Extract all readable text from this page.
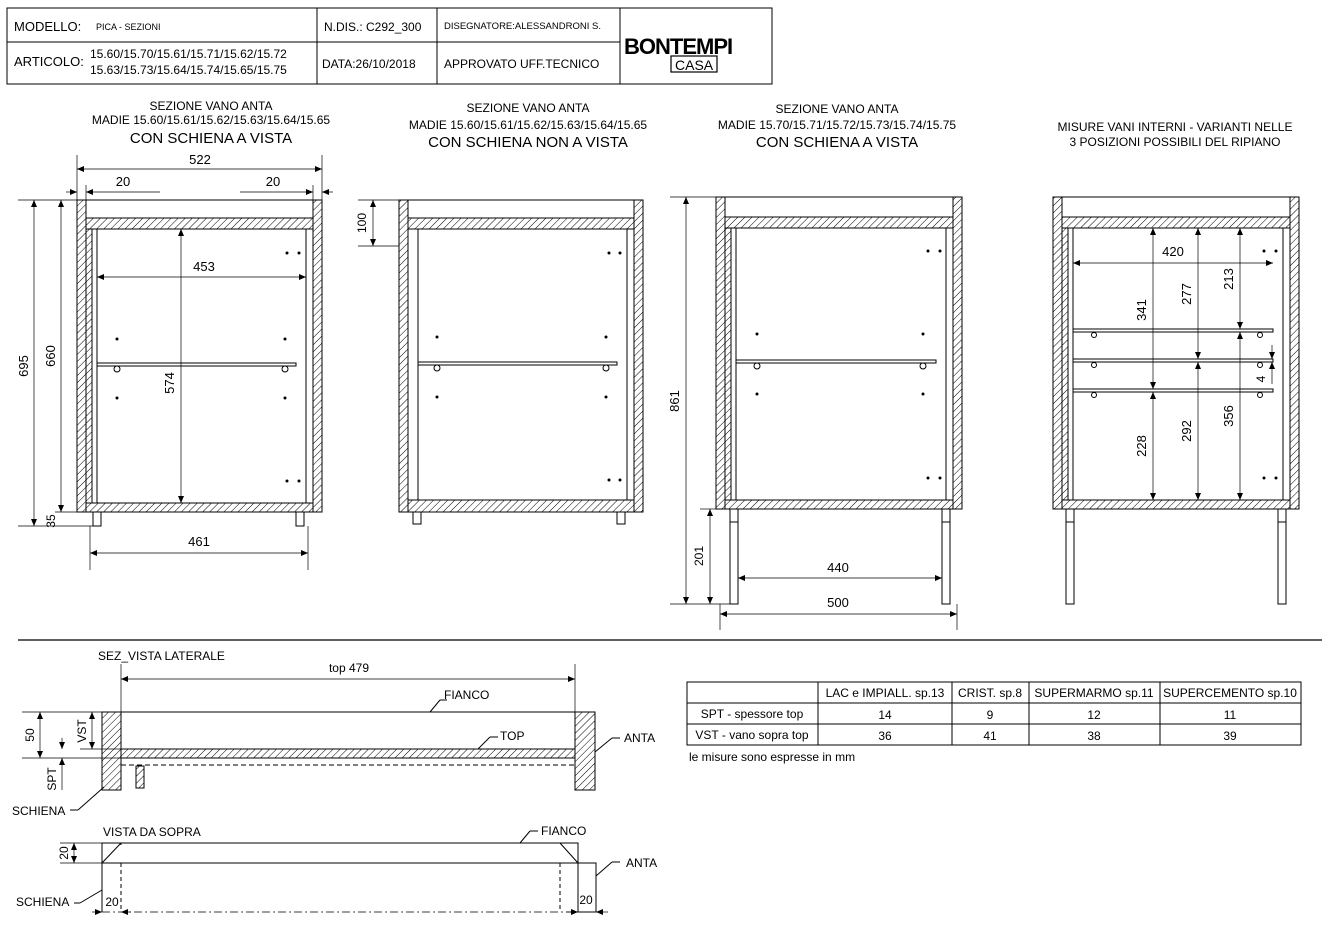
MODELLO: PICA - SEZIONI	N.DIS.: C292_300 DISEGNATORE:ALESSANDRONI S.
ARTICOLO: 15.60/15.70/15.61/15.71/15.62/15.72
15.63/15.73/15.64/15.74/15.65/15.75	DATA:26/10/2018 APPROVATO UFF.TECNICO
BONTEMPI
CASA
SEZIONE VANO ANTA
MADIE 15.60/15.61/15.62/15.63/15.64/15.65
CON SCHIENA A VISTA
SEZIONE VANO ANTA
MADIE 15.60/15.61/15.62/15.63/15.64/15.65
CON SCHIENA NON A VISTA
SEZIONE VANO ANTA
MADIE 15.70/15.71/15.72/15.73/15.74/15.75
CON SCHIENA A VISTA
MISURE VANI INTERNI - VARIANTI NELLE
3 POSIZIONI POSSIBILI DEL RIPIANO
522
20	20
453
574
695 660
35
461
100
861
201
440
500
420
341
277
213
4
228
292
356
SEZ_VISTA LATERALE
top 479
FIANCO
TOP	ANTA
SCHIENA
50	VST
SPT
VISTA DA SOPRA	FIANCO
ANTA
SCHIENA
20
20	20
LAC e IMPIALL. sp.13 CRIST. sp.8 SUPERMARMO sp.11 SUPERCEMENTO sp.10
SPT - spessore top	14	9	12	11
VST - vano sopra top	36	41	38	39
le misure sono espresse in mm
